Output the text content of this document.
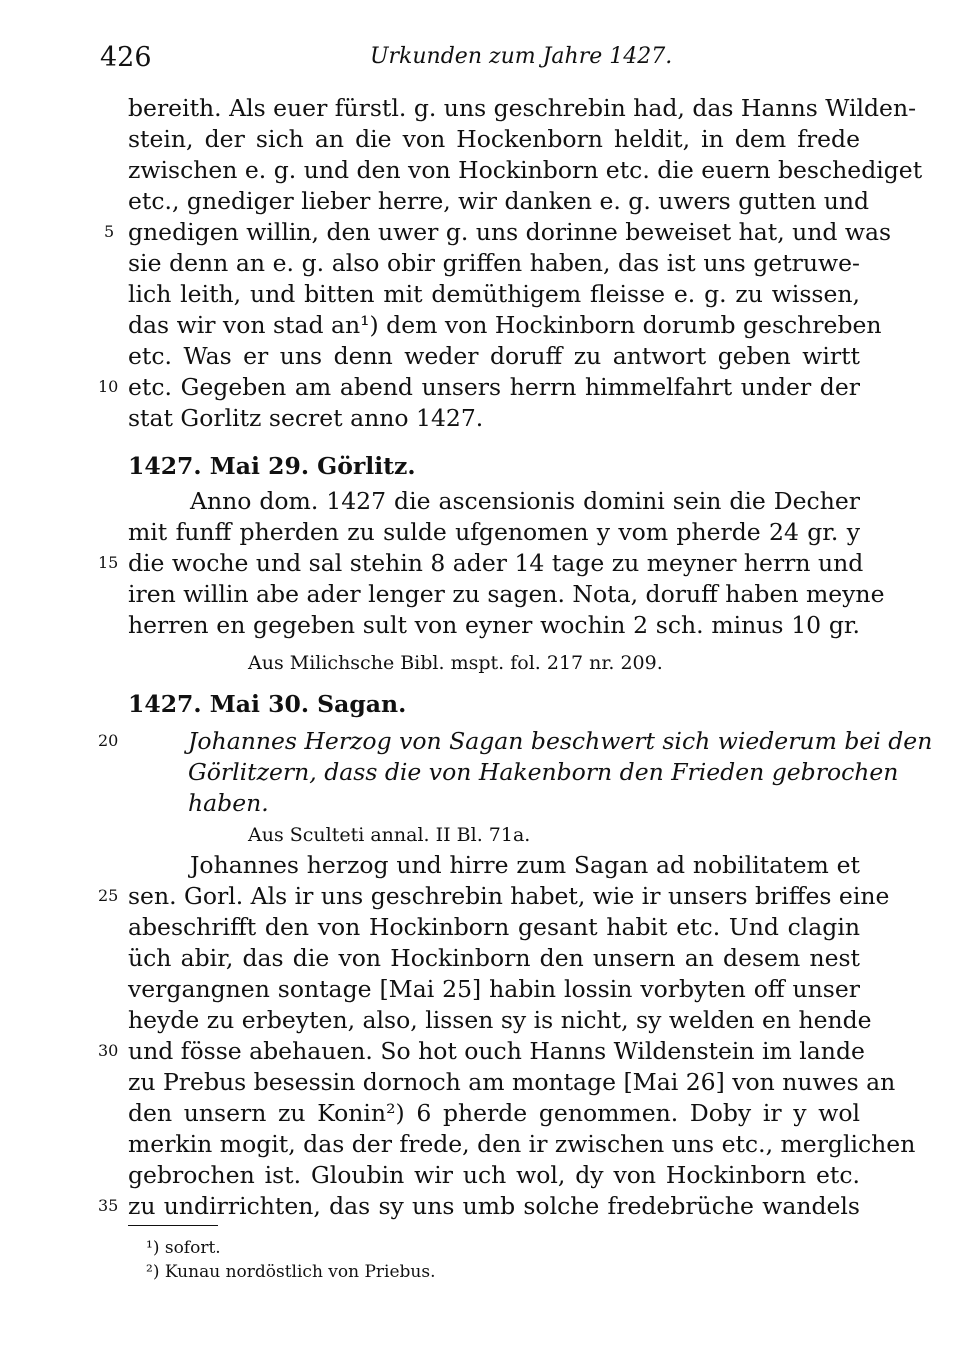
426	Urkunden zum Jahre 1427.
bereith. Als euer fürstl. g. uns geschrebin had, das Hanns Wilden-
stein, der sich an die von Hockenborn heldit, in dem frede
zwischen e. g. und den von Hockinborn etc. die euern beschediget
etc., gnediger lieber herre, wir danken e. g. uwers gutten und
gnedigen willin, den uwer g. uns dorinne beweiset hat, und was
sie denn an e. g. also obir griffen haben, das ist uns getruwe-
lich leith, und bitten mit demüthigem fleisse e. g. zu wissen,
das wir von stad an¹) dem von Hockinborn dorumb geschreben
etc. Was er uns denn weder doruff zu antwort geben wirtt
etc. Gegeben am abend unsers herrn himmelfahrt under der
stat Gorlitz secret anno 1427.
1427. Mai 29. Görlitz.
Anno dom. 1427 die ascensionis domini sein die Decher
mit funff pherden zu sulde ufgenomen y vom pherde 24 gr. y
die woche und sal stehin 8 ader 14 tage zu meyner herrn und
iren willin abe ader lenger zu sagen. Nota, doruff haben meyne
herren en gegeben sult von eyner wochin 2 sch. minus 10 gr.
Aus Milichsche Bibl. mspt. fol. 217 nr. 209.
1427. Mai 30. Sagan.
Johannes Herzog von Sagan beschwert sich wiederum bei den
Görlitzern, dass die von Hakenborn den Frieden gebrochen
haben.
Aus Sculteti annal. II Bl. 71a.
Johannes herzog und hirre zum Sagan ad nobilitatem et
sen. Gorl. Als ir uns geschrebin habet, wie ir unsers briffes eine
abeschrifft den von Hockinborn gesant habit etc. Und clagin
üch abir, das die von Hockinborn den unsern an desem nest
vergangnen sontage [Mai 25] habin lossin vorbyten off unser
heyde zu erbeyten, also, lissen sy is nicht, sy welden en hende
und fösse abehauen. So hot ouch Hanns Wildenstein im lande
zu Prebus besessin dornoch am montage [Mai 26] von nuwes an
den unsern zu Konin²) 6 pherde genommen. Doby ir y wol
merkin mogit, das der frede, den ir zwischen uns etc., merglichen
gebrochen ist. Gloubin wir uch wol, dy von Hockinborn etc.
zu undirrichten, das sy uns umb solche fredebrüche wandels
5
10
15
20
25
30
35
¹) sofort.
²) Kunau nordöstlich von Priebus.
